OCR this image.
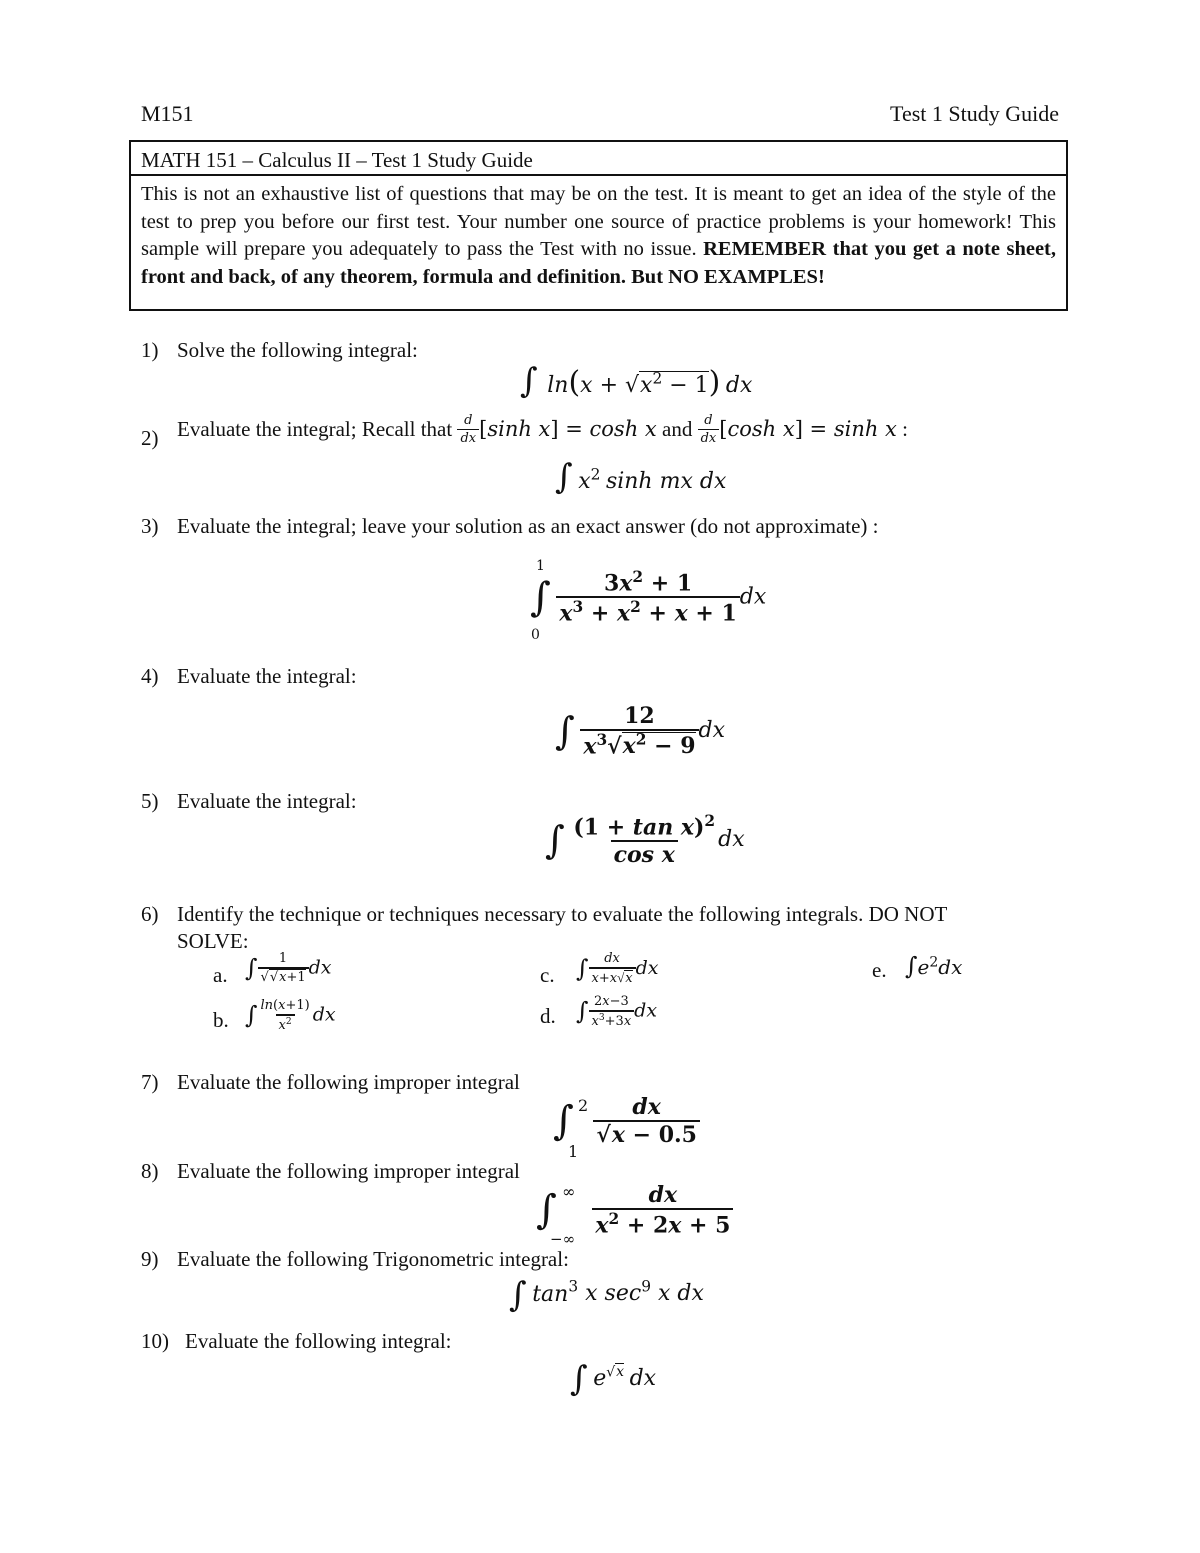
M151	Test 1 Study Guide
MATH 151 – Calculus II – Test 1 Study Guide
This is not an exhaustive list of questions that may be on the test. It is meant to get an idea of the style of the test to prep you before our first test. Your number one source of practice problems is your homework! This sample will prepare you adequately to pass the Test with no issue. REMEMBER that you get a note sheet, front and back, of any theorem, formula and definition. But NO EXAMPLES!
1) Solve the following integral:
∫ $\ln(x + √x^2 - 1)$ dx
2) Evaluate the integral; Recall that $\frac{d}{dx} [\sinh$ x] = cosh x and $\frac{d}{dx} [\cosh$ x] = sinh x :
∫ $x^2$ sinh mx dx
3) Evaluate the integral; leave your solution as an exact answer (do not approximate) :
1
0
∫ $\frac{3x^2 + 1}{x^3 + x^2 + x + 1}$ dx
4) Evaluate the integral:
∫ $\frac{12}{x^3√x^2 - 9}$ dx
5) Evaluate the integral:
∫ $\frac{(1 + \tan x)^2}{\text{cos x}}$ dx
6) Identify the technique or techniques necessary to evaluate the following integrals. DO NOT
SOLVE:
a. ∫ $\frac{1}{√√x+1}$ dx
b. ∫ $\frac{\ln(x+1)}{x^2}$ dx
c. ∫ $\frac{dx}{x+x√x}$ dx
d. ∫ $\frac{2x-3}{x^3+3x}$ dx
e. $\int e^2dx$
7) Evaluate the following improper integral
2
1
∫ $\frac{dx}{√x - 0.5}$
8) Evaluate the following improper integral
∞
−∞
∫ $\frac{dx}{x^2 + 2x + 5}$
9) Evaluate the following Trigonometric integral:
∫ $\tan^3 x$ $\sec^9 x$ dx
10) Evaluate the following integral:
∫ $e^{√x}$ dx
